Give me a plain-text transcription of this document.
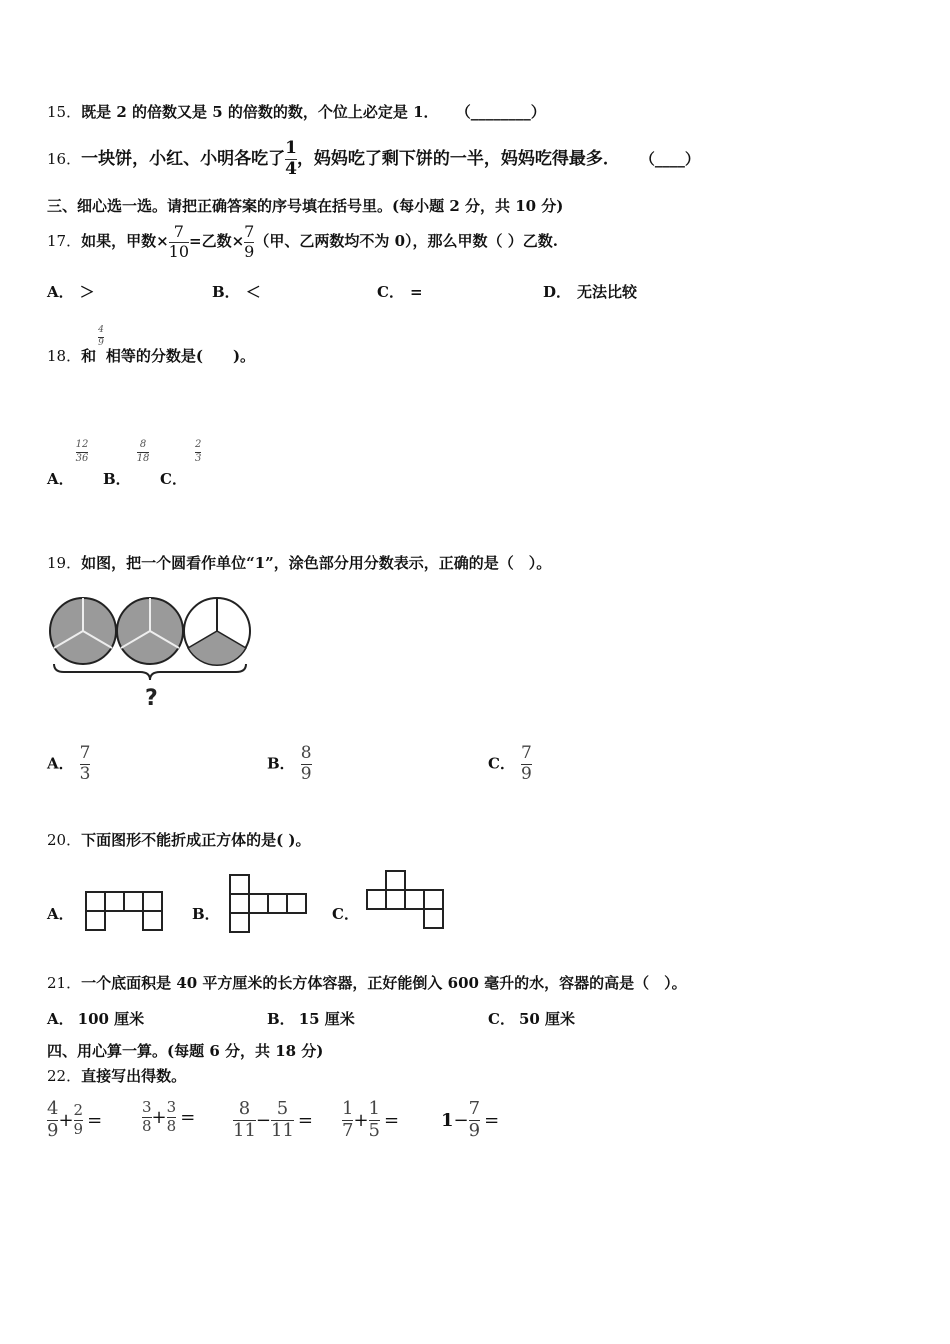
15．既是 2 的倍数又是 5 的倍数的数，个位上必定是 1． （________）
16．一块饼，小红、小明各吃了 $\frac{1}{4}$ ，妈妈吃了剩下饼的一半，妈妈吃得最多． （____）
三、细心选一选。请把正确答案的序号填在括号里。(每小题 2 分，共 10 分)
17．如果，甲数× $\frac{7}{10}$ =乙数× $\frac{7}{9}$ （甲、乙两数均不为 0），那么甲数（ ）乙数.
A． ＞	B． ＜	C． =	D． 无法比较
18．和
$\frac{4}{9}$
相等的分数是(　　)。
A．
$\frac{12}{36}$
B．
$\frac{8}{18}$
C．
$\frac{2}{3}$
19．如图，把一个圆看作单位“1”，涂色部分用分数表示，正确的是（　）。
?
A． $\frac{7}{3}$	B． $\frac{8}{9}$	C． $\frac{7}{9}$
20．下面图形不能折成正方体的是( )。
A．	B．	C．
21．一个底面积是 40 平方厘米的长方体容器，正好能倒入 600 毫升的水，容器的高是（　）。
A． 100 厘米	B． 15 厘米	C． 50 厘米
四、用心算一算。(每题 6 分，共 18 分)
22．直接写出得数。
$\frac{4}{9} + \frac{2}{9}$ =	$\frac{3}{8} + \frac{3}{8} = \frac{8}{11} - \frac{5}{11} = \frac{1}{7} + \frac{1}{5} = 1- \frac{7}{9}$ =
